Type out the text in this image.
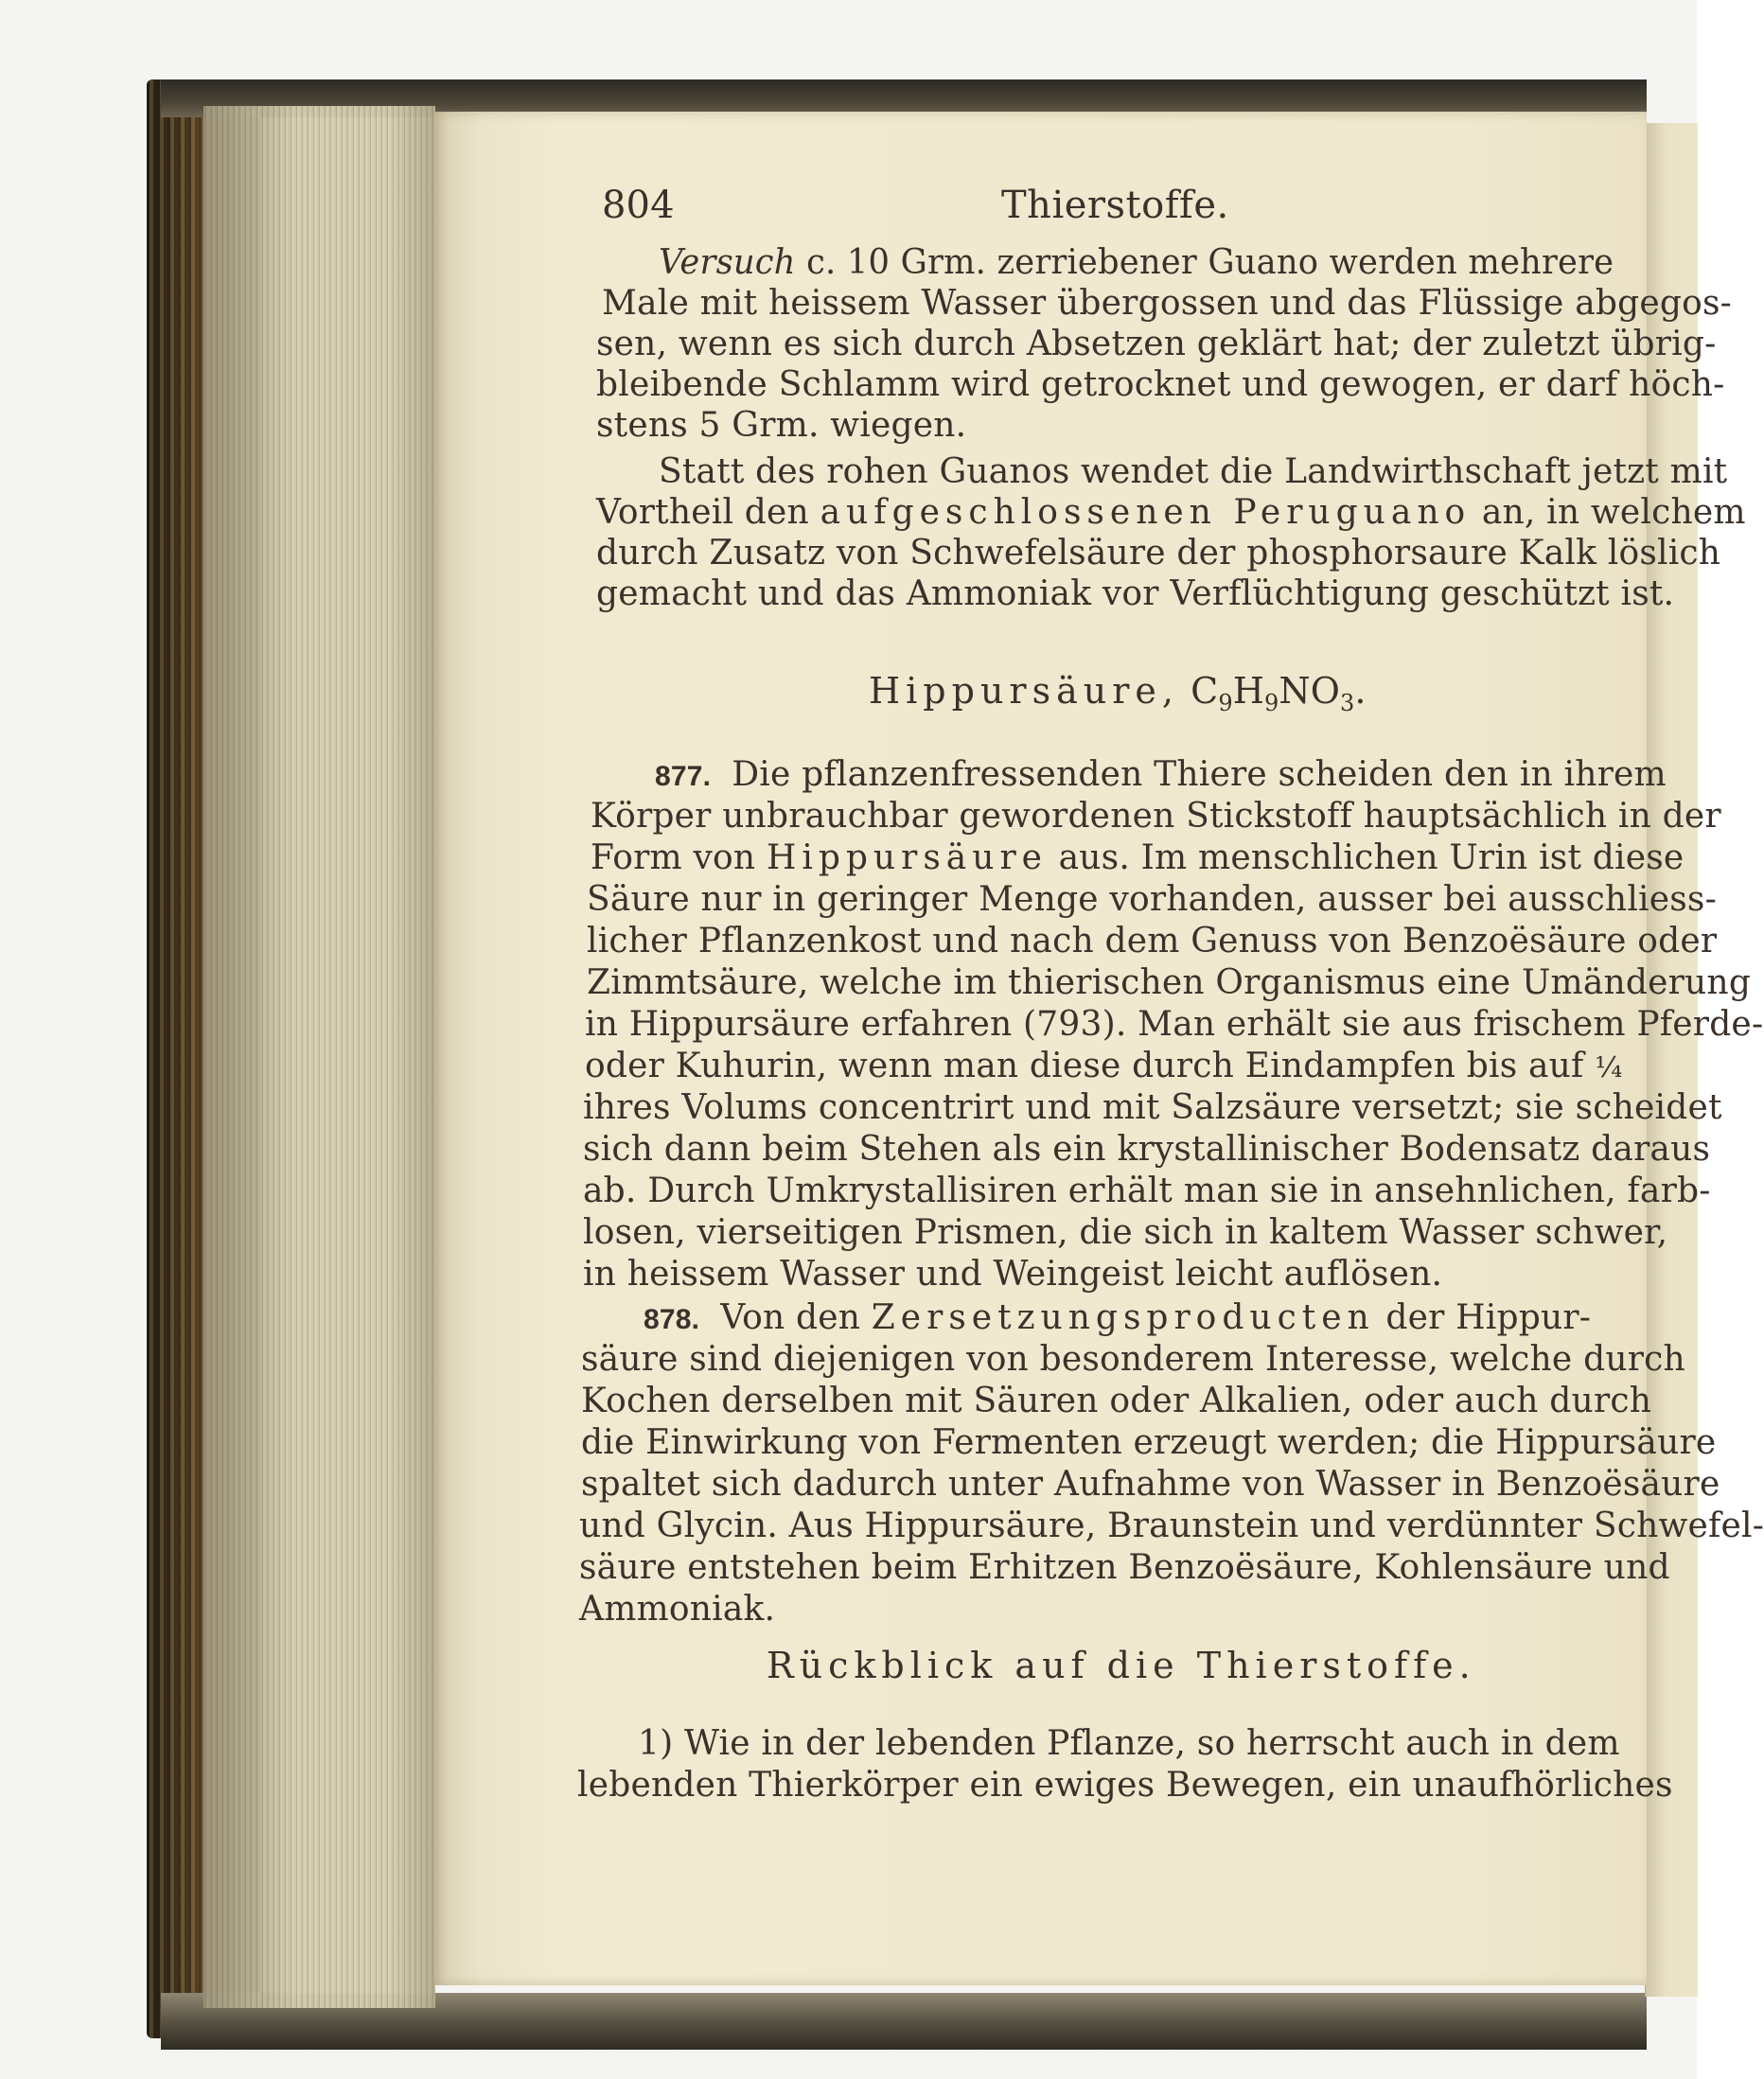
804	Thierstoffe.
Versuch c. 10 Grm. zerriebener Guano werden mehrere
Male mit heissem Wasser übergossen und das Flüssige abgegos-
sen, wenn es sich durch Absetzen geklärt hat; der zuletzt übrig-
bleibende Schlamm wird getrocknet und gewogen, er darf höch-
stens 5 Grm. wiegen.
Statt des rohen Guanos wendet die Landwirthschaft jetzt mit
Vortheil den aufgeschlossenen Peruguano an, in welchem
durch Zusatz von Schwefelsäure der phosphorsaure Kalk löslich
gemacht und das Ammoniak vor Verflüchtigung geschützt ist.
Hippursäure, $C_9H_9NO_3$.
877. Die pflanzenfressenden Thiere scheiden den in ihrem
Körper unbrauchbar gewordenen Stickstoff hauptsächlich in der
Form von Hippursäure aus. Im menschlichen Urin ist diese
Säure nur in geringer Menge vorhanden, ausser bei ausschliess-
licher Pflanzenkost und nach dem Genuss von Benzoësäure oder
Zimmtsäure, welche im thierischen Organismus eine Umänderung
in Hippursäure erfahren (793). Man erhält sie aus frischem Pferde-
oder Kuhurin, wenn man diese durch Eindampfen bis auf ¼
ihres Volums concentrirt und mit Salzsäure versetzt; sie scheidet
sich dann beim Stehen als ein krystallinischer Bodensatz daraus
ab. Durch Umkrystallisiren erhält man sie in ansehnlichen, farb-
losen, vierseitigen Prismen, die sich in kaltem Wasser schwer,
in heissem Wasser und Weingeist leicht auflösen.
878. Von den Zersetzungsproducten der Hippur-
säure sind diejenigen von besonderem Interesse, welche durch
Kochen derselben mit Säuren oder Alkalien, oder auch durch
die Einwirkung von Fermenten erzeugt werden; die Hippursäure
spaltet sich dadurch unter Aufnahme von Wasser in Benzoësäure
und Glycin. Aus Hippursäure, Braunstein und verdünnter Schwefel-
säure entstehen beim Erhitzen Benzoësäure, Kohlensäure und
Ammoniak.
Rückblick auf die Thierstoffe.
1) Wie in der lebenden Pflanze, so herrscht auch in dem
lebenden Thierkörper ein ewiges Bewegen, ein unaufhörliches
